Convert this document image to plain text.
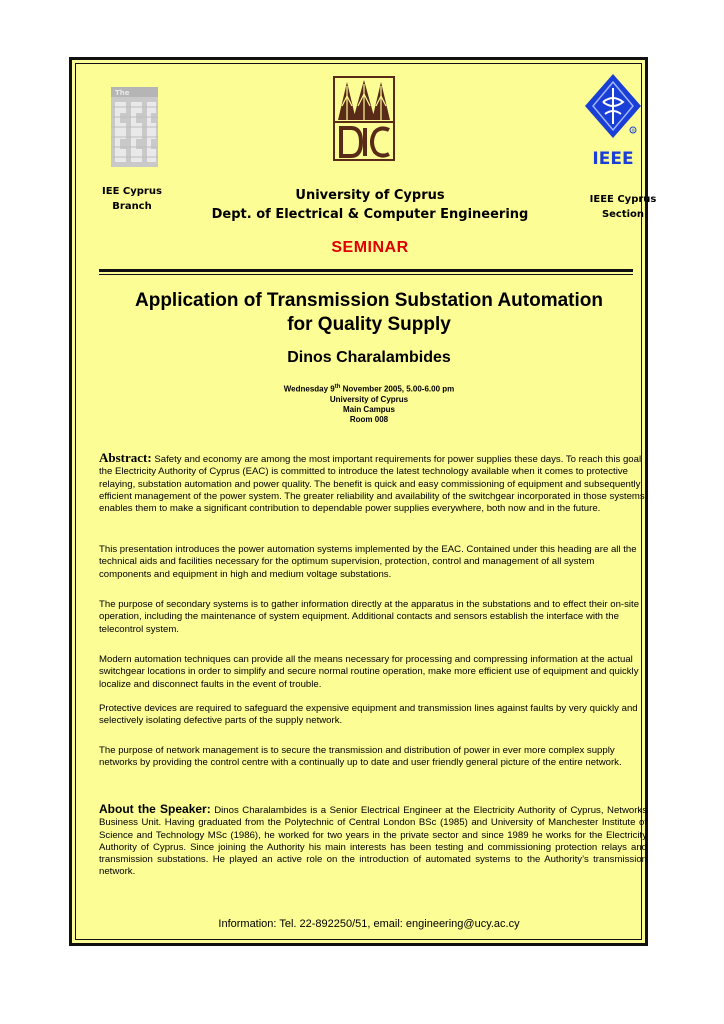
The
®
IEEE
IEE Cyprus
Branch
University of Cyprus
Dept. of Electrical & Computer Engineering
IEEE Cyprus
Section
SEMINAR
Application of Transmission Substation Automation
for Quality Supply
Dinos Charalambides
Wednesday 9th November 2005, 5.00-6.00 pm
University of Cyprus
Main Campus
Room 008
Abstract: Safety and economy are among the most important requirements for power supplies these days. To reach this goal the Electricity Authority of Cyprus (EAC) is committed to introduce the latest technology available when it comes to protective relaying, substation automation and power quality. The benefit is quick and easy commissioning of equipment and subsequently efficient management of the power system. The greater reliability and availability of the switchgear incorporated in those systems enables them to make a significant contribution to dependable power supplies everywhere, both now and in the future.
This presentation introduces the power automation systems implemented by the EAC. Contained under this heading are all the technical aids and facilities necessary for the optimum supervision, protection, control and management of all system components and equipment in high and medium voltage substations.
The purpose of secondary systems is to gather information directly at the apparatus in the substations and to effect their on-site operation, including the maintenance of system equipment. Additional contacts and sensors establish the interface with the telecontrol system.
Modern automation techniques can provide all the means necessary for processing and compressing information at the actual switchgear locations in order to simplify and secure normal routine operation, make more efficient use of equipment and quickly localize and disconnect faults in the event of trouble.
Protective devices are required to safeguard the expensive equipment and transmission lines against faults by very quickly and selectively isolating defective parts of the supply network.
The purpose of network management is to secure the transmission and distribution of power in ever more complex supply networks by providing the control centre with a continually up to date and user friendly general picture of the entire network.
About the Speaker: Dinos Charalambides is a Senior Electrical Engineer at the Electricity Authority of Cyprus, Networks Business Unit. Having graduated from the Polytechnic of Central London BSc (1985) and University of Manchester Institute of Science and Technology MSc (1986), he worked for two years in the private sector and since 1989 he works for the Electricity Authority of Cyprus. Since joining the Authority his main interests has been testing and commissioning protection relays and transmission substations. He played an active role on the introduction of automated systems to the Authority’s transmission network.
Information: Tel. 22-892250/51, email: engineering@ucy.ac.cy
